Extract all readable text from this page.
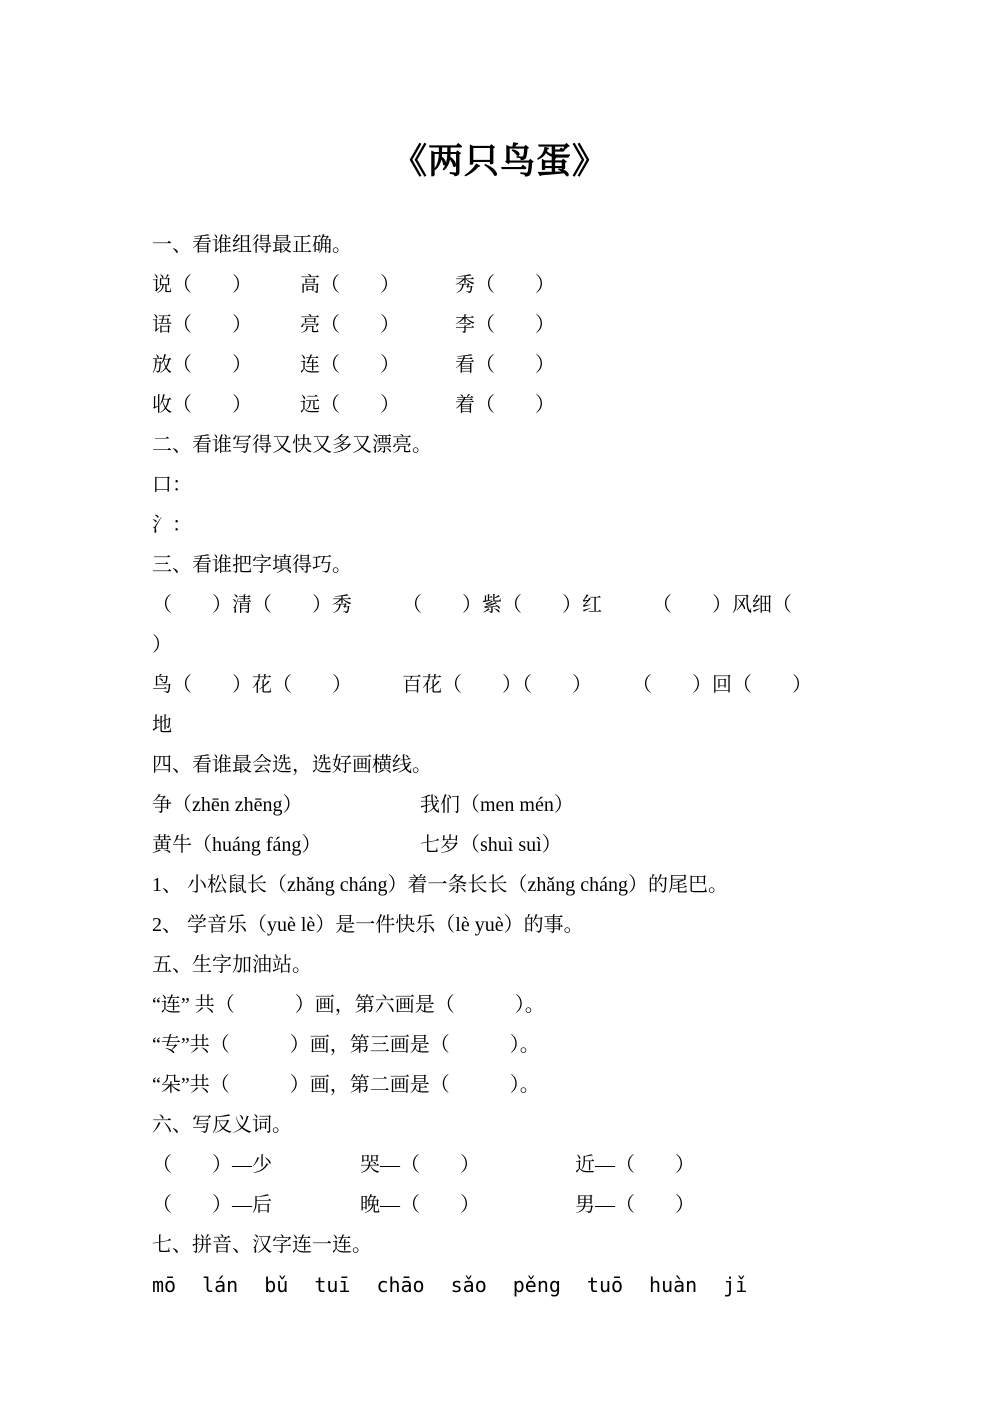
《两只鸟蛋》
一、看谁组得最正确。
说（　　）	高（　　）	秀（　　）
语（　　）	亮（　　）	李（　　）
放（　　）	连（　　）	看（　　）
收（　　）	远（　　）	着（　　）
二、看谁写得又快又多又漂亮。
口：
氵：
三、看谁把字填得巧。
（　　）清（　　）秀　　　（　　）紫（　　）红　　　（　　）风细（
）
鸟（　　）花（　　）　　　百花（　　）（　　）　　　（　　）回（　　）
地
四、看谁最会选，选好画横线。
争（zhēn zhēng）	我们（men mén）
黄牛（huáng fáng）	七岁（shuì suì）
1、 小松鼠长（zhǎng cháng）着一条长长（zhǎng cháng）的尾巴。
2、 学音乐（yuè lè）是一件快乐（lè yuè）的事。
五、生字加油站。
“连” 共（　　　）画，第六画是（　　　）。
“专”共（　　　）画，第三画是（　　　）。
“朵”共（　　　）画，第二画是（　　　）。
六、写反义词。
（　　）—少	哭—（　　）	近—（　　）
（　　）—后	晚—（　　）	男—（　　）
七、拼音、汉字连一连。
mō lán bǔ tuī chāo sǎo pěng tuō huàn jǐ
